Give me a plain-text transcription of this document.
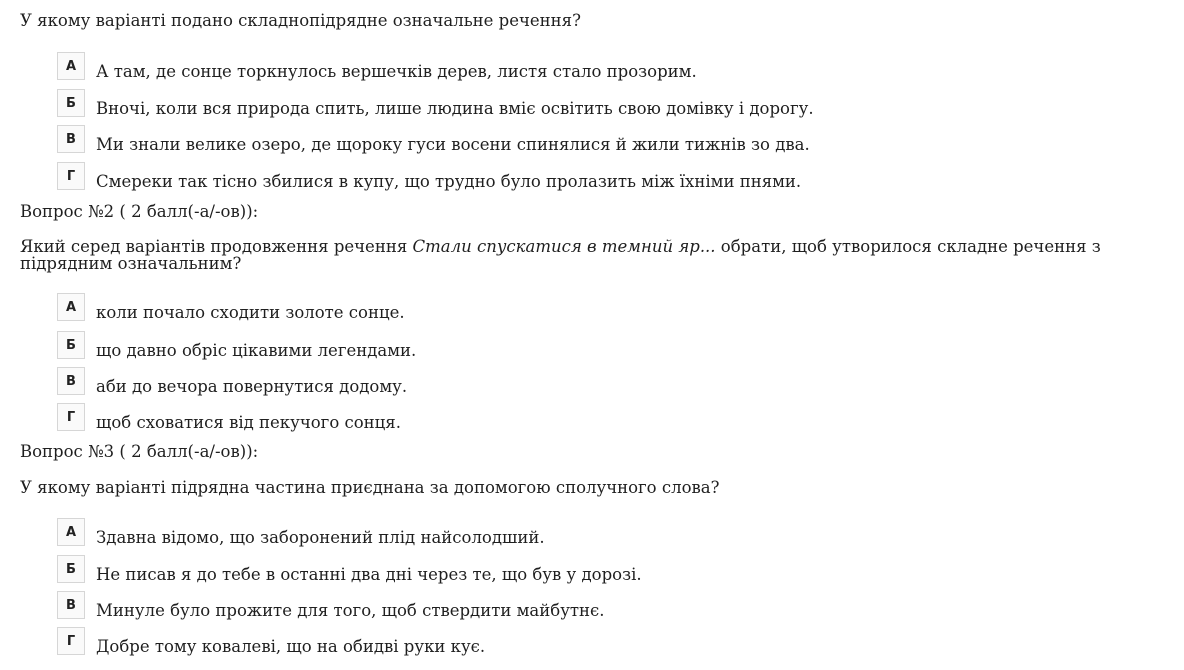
У якому варіанті подано складнопідрядне означальне речення?
А	А там, де сонце торкнулось вершечків дерев, листя стало прозорим.
Б	Вночі, коли вся природа спить, лише людина вміє освітить свою домівку і дорогу.
В	Ми знали велике озеро, де щороку гуси восени спинялися й жили тижнів зо два.
Г	Смереки так тісно збилися в купу, що трудно було пролазить між їхніми пнями.
Вопрос №2 ( 2 балл(-а/-ов)):
Який серед варіантів продовження речення Стали спускатися в темний яр... обрати, щоб утворилося складне речення з підрядним означальним?
А	коли почало сходити золоте сонце.
Б	що давно обріс цікавими легендами.
В	аби до вечора повернутися додому.
Г	щоб сховатися від пекучого сонця.
Вопрос №3 ( 2 балл(-а/-ов)):
У якому варіанті підрядна частина приєднана за допомогою сполучного слова?
А	Здавна відомо, що заборонений плід найсолодший.
Б	Не писав я до тебе в останні два дні через те, що був у дорозі.
В	Минуле було прожите для того, щоб ствердити майбутнє.
Г	Добре тому ковалеві, що на обидві руки кує.
